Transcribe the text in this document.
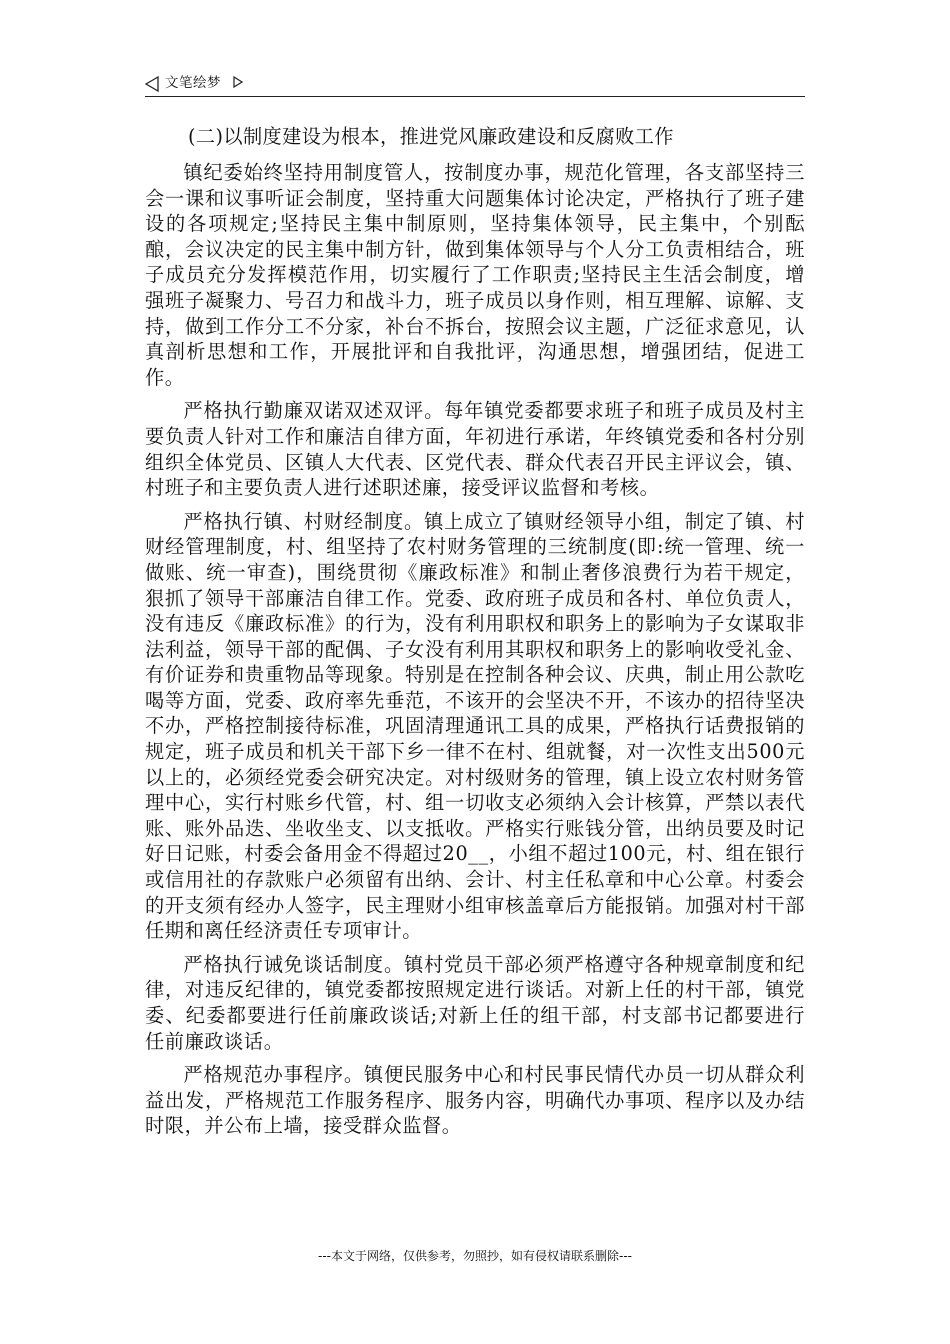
文笔绘梦
(二)以制度建设为根本，推进党风廉政建设和反腐败工作

镇纪委始终坚持用制度管人，按制度办事，规范化管理，各支部坚持三会一课和议事听证会制度，坚持重大问题集体讨论决定，严格执行了班子建设的各项规定;坚持民主集中制原则，坚持集体领导，民主集中，个别酝酿，会议决定的民主集中制方针，做到集体领导与个人分工负责相结合，班子成员充分发挥模范作用，切实履行了工作职责;坚持民主生活会制度，增强班子凝聚力、号召力和战斗力，班子成员以身作则，相互理解、谅解、支持，做到工作分工不分家，补台不拆台，按照会议主题，广泛征求意见，认真剖析思想和工作，开展批评和自我批评，沟通思想，增强团结，促进工作。

严格执行勤廉双诺双述双评。每年镇党委都要求班子和班子成员及村主要负责人针对工作和廉洁自律方面，年初进行承诺，年终镇党委和各村分别组织全体党员、区镇人大代表、区党代表、群众代表召开民主评议会，镇、村班子和主要负责人进行述职述廉，接受评议监督和考核。

严格执行镇、村财经制度。镇上成立了镇财经领导小组，制定了镇、村财经管理制度，村、组坚持了农村财务管理的三统制度(即:统一管理、统一做账、统一审查)，围绕贯彻《廉政标准》和制止奢侈浪费行为若干规定，狠抓了领导干部廉洁自律工作。党委、政府班子成员和各村、单位负责人，没有违反《廉政标准》的行为，没有利用职权和职务上的影响为子女谋取非法利益，领导干部的配偶、子女没有利用其职权和职务上的影响收受礼金、有价证券和贵重物品等现象。特别是在控制各种会议、庆典，制止用公款吃喝等方面，党委、政府率先垂范，不该开的会坚决不开，不该办的招待坚决不办，严格控制接待标准，巩固清理通讯工具的成果，严格执行话费报销的规定，班子成员和机关干部下乡一律不在村、组就餐，对一次性支出500元以上的，必须经党委会研究决定。对村级财务的管理，镇上设立农村财务管理中心，实行村账乡代管，村、组一切收支必须纳入会计核算，严禁以表代账、账外品迭、坐收坐支、以支抵收。严格实行账钱分管，出纳员要及时记好日记账，村委会备用金不得超过20__，小组不超过100元，村、组在银行或信用社的存款账户必须留有出纳、会计、村主任私章和中心公章。村委会的开支须有经办人签字，民主理财小组审核盖章后方能报销。加强对村干部任期和离任经济责任专项审计。

严格执行诫免谈话制度。镇村党员干部必须严格遵守各种规章制度和纪律，对违反纪律的，镇党委都按照规定进行谈话。对新上任的村干部，镇党委、纪委都要进行任前廉政谈话;对新上任的组干部，村支部书记都要进行任前廉政谈话。

严格规范办事程序。镇便民服务中心和村民事民情代办员一切从群众利益出发，严格规范工作服务程序、服务内容，明确代办事项、程序以及办结时限，并公布上墙，接受群众监督。

---本文于网络，仅供参考，勿照抄，如有侵权请联系删除---
